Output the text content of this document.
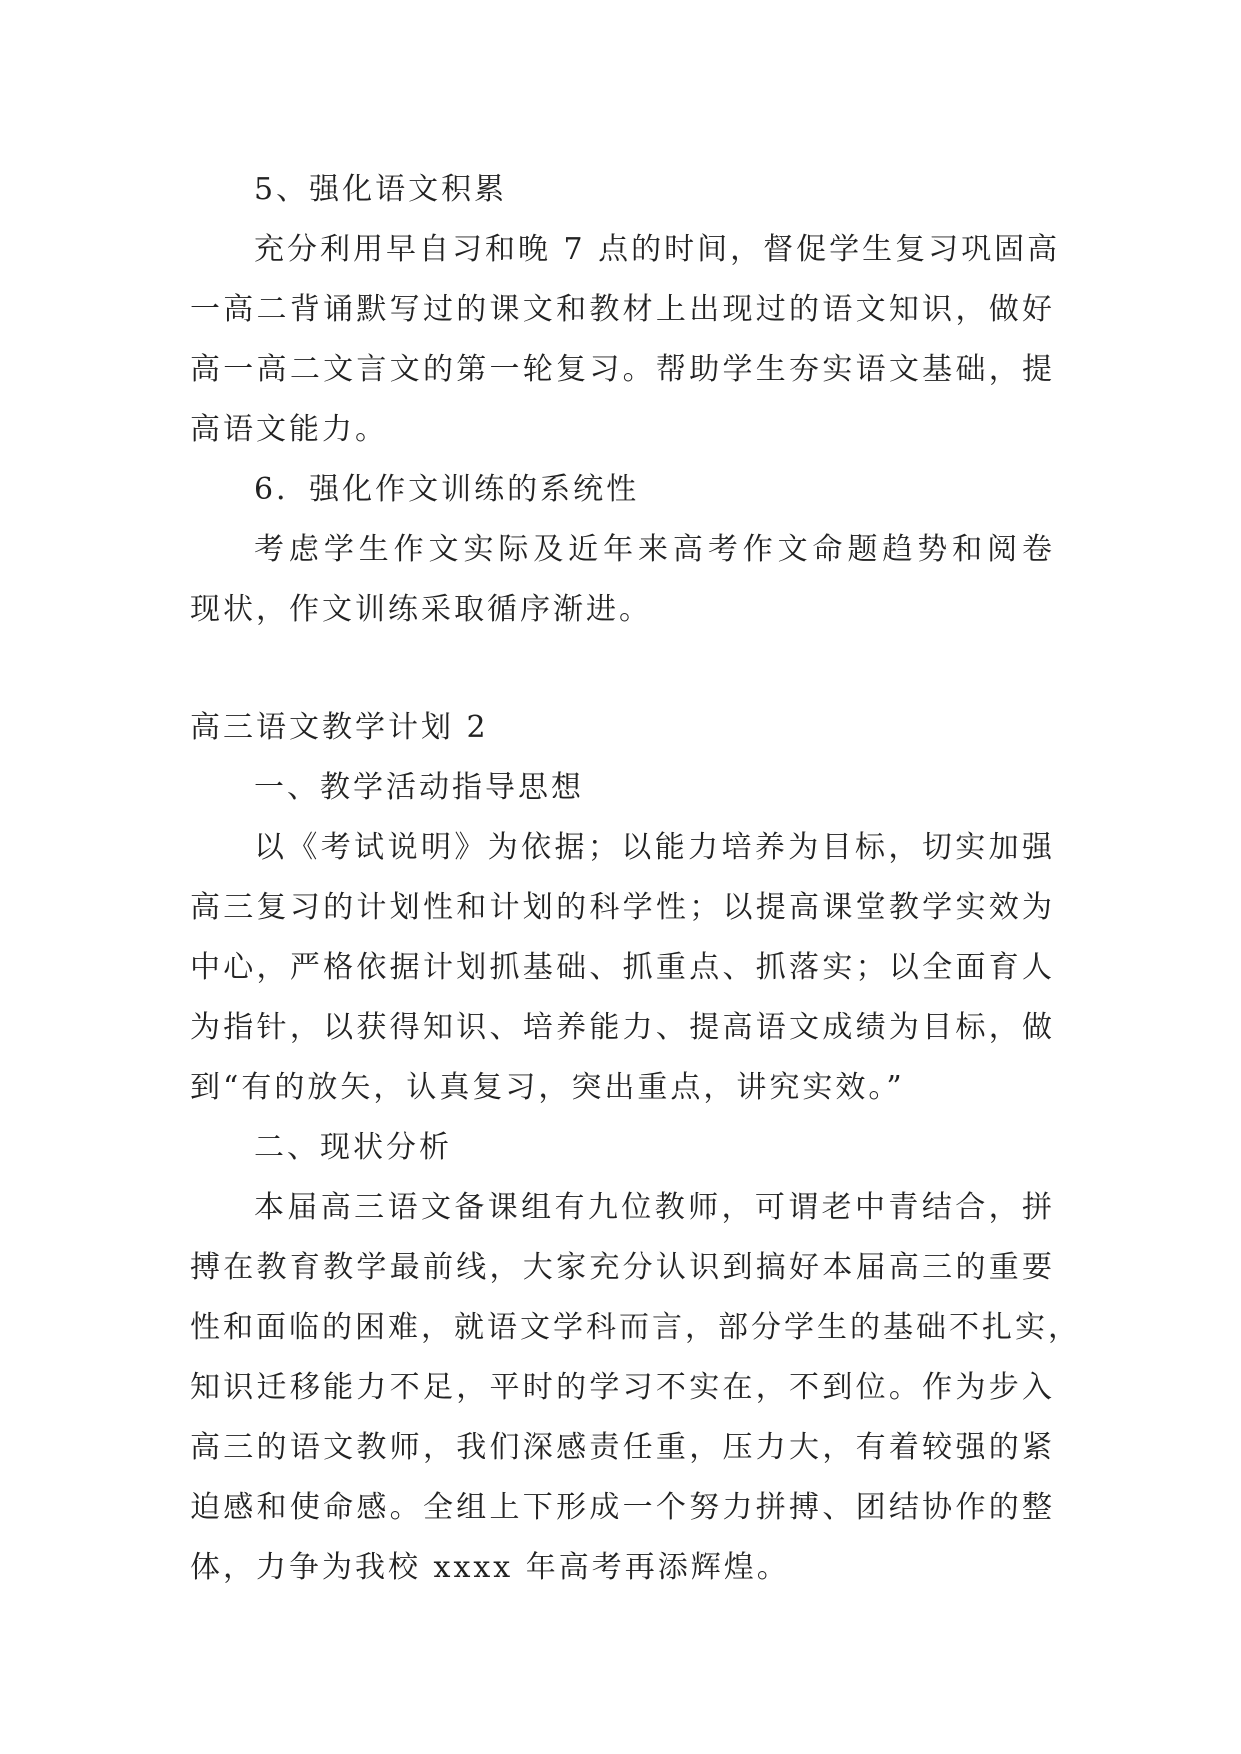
5、强化语文积累
充分利用早自习和晚 7 点的时间，督促学生复习巩固高
一高二背诵默写过的课文和教材上出现过的语文知识，做好
高一高二文言文的第一轮复习。帮助学生夯实语文基础，提
高语文能力。
6．强化作文训练的系统性
考虑学生作文实际及近年来高考作文命题趋势和阅卷
现状，作文训练采取循序渐进。
高三语文教学计划 2
一、教学活动指导思想
以《考试说明》为依据；以能力培养为目标，切实加强
高三复习的计划性和计划的科学性；以提高课堂教学实效为
中心，严格依据计划抓基础、抓重点、抓落实；以全面育人
为指针，以获得知识、培养能力、提高语文成绩为目标，做
到“有的放矢，认真复习，突出重点，讲究实效。”
二、现状分析
本届高三语文备课组有九位教师，可谓老中青结合，拼
搏在教育教学最前线，大家充分认识到搞好本届高三的重要
性和面临的困难，就语文学科而言，部分学生的基础不扎实，
知识迁移能力不足，平时的学习不实在，不到位。作为步入
高三的语文教师，我们深感责任重，压力大，有着较强的紧
迫感和使命感。全组上下形成一个努力拼搏、团结协作的整
体，力争为我校 xxxx 年高考再添辉煌。
